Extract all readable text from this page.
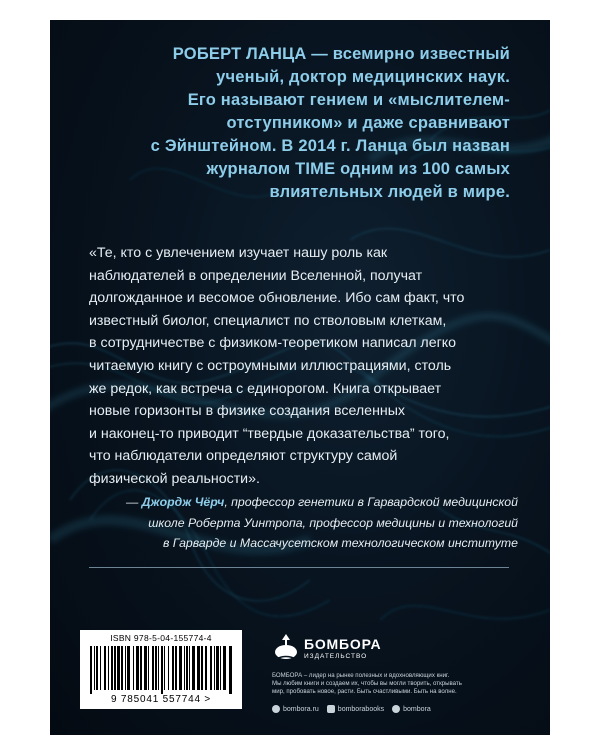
РОБЕРТ ЛАНЦА — всемирно известный
ученый, доктор медицинских наук.
Его называют гением и «мыслителем-
отступником» и даже сравнивают
с Эйнштейном. В 2014 г. Ланца был назван
журналом TIME одним из 100 самых
влиятельных людей в мире.
«Те, кто с увлечением изучает нашу роль как
наблюдателей в определении Вселенной, получат
долгожданное и весомое обновление. Ибо сам факт, что
известный биолог, специалист по стволовым клеткам,
в сотрудничестве с физиком-теоретиком написал легко
читаемую книгу с остроумными иллюстрациями, столь
же редок, как встреча с единорогом. Книга открывает
новые горизонты в физике создания вселенных
и наконец-то приводит “твердые доказательства” того,
что наблюдатели определяют структуру самой
физической реальности».
— Джордж Чёрч, профессор генетики в Гарвардской медицинской
школе Роберта Уинтропа, профессор медицины и технологий
в Гарварде и Массачусетском технологическом институте
ISBN 978-5-04-155774-4
9 785041 557744 >
БОМБОРА
ИЗДАТЕЛЬСТВО
БОМБОРА – лидер на рынке полезных и вдохновляющих книг.
Мы любим книги и создаем их, чтобы вы могли творить, открывать
мир, пробовать новое, расти. Быть счастливыми. Быть на волне.
bombora.ru	bomborabooks	bombora
